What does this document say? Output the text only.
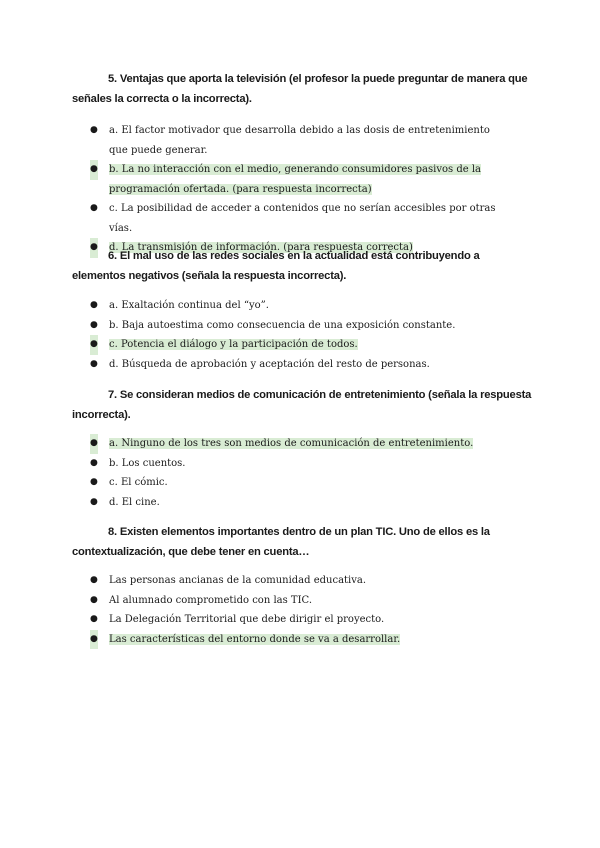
5. Ventajas que aporta la televisión (el profesor la puede preguntar de manera que señales la correcta o la incorrecta).
● a. El factor motivador que desarrolla debido a las dosis de entretenimiento que puede generar.
● b. La no interacción con el medio, generando consumidores pasivos de la programación ofertada. (para respuesta incorrecta)
● c. La posibilidad de acceder a contenidos que no serían accesibles por otras vías.
● d. La transmisión de información. (para respuesta correcta)
6. El mal uso de las redes sociales en la actualidad está contribuyendo a elementos negativos (señala la respuesta incorrecta).
● a. Exaltación continua del “yo”.
● b. Baja autoestima como consecuencia de una exposición constante.
● c. Potencia el diálogo y la participación de todos.
● d. Búsqueda de aprobación y aceptación del resto de personas.
7. Se consideran medios de comunicación de entretenimiento (señala la respuesta incorrecta).
● a. Ninguno de los tres son medios de comunicación de entretenimiento.
● b. Los cuentos.
● c. El cómic.
● d. El cine.
8. Existen elementos importantes dentro de un plan TIC. Uno de ellos es la contextualización, que debe tener en cuenta…
● Las personas ancianas de la comunidad educativa.
● Al alumnado comprometido con las TIC.
● La Delegación Territorial que debe dirigir el proyecto.
● Las características del entorno donde se va a desarrollar.
